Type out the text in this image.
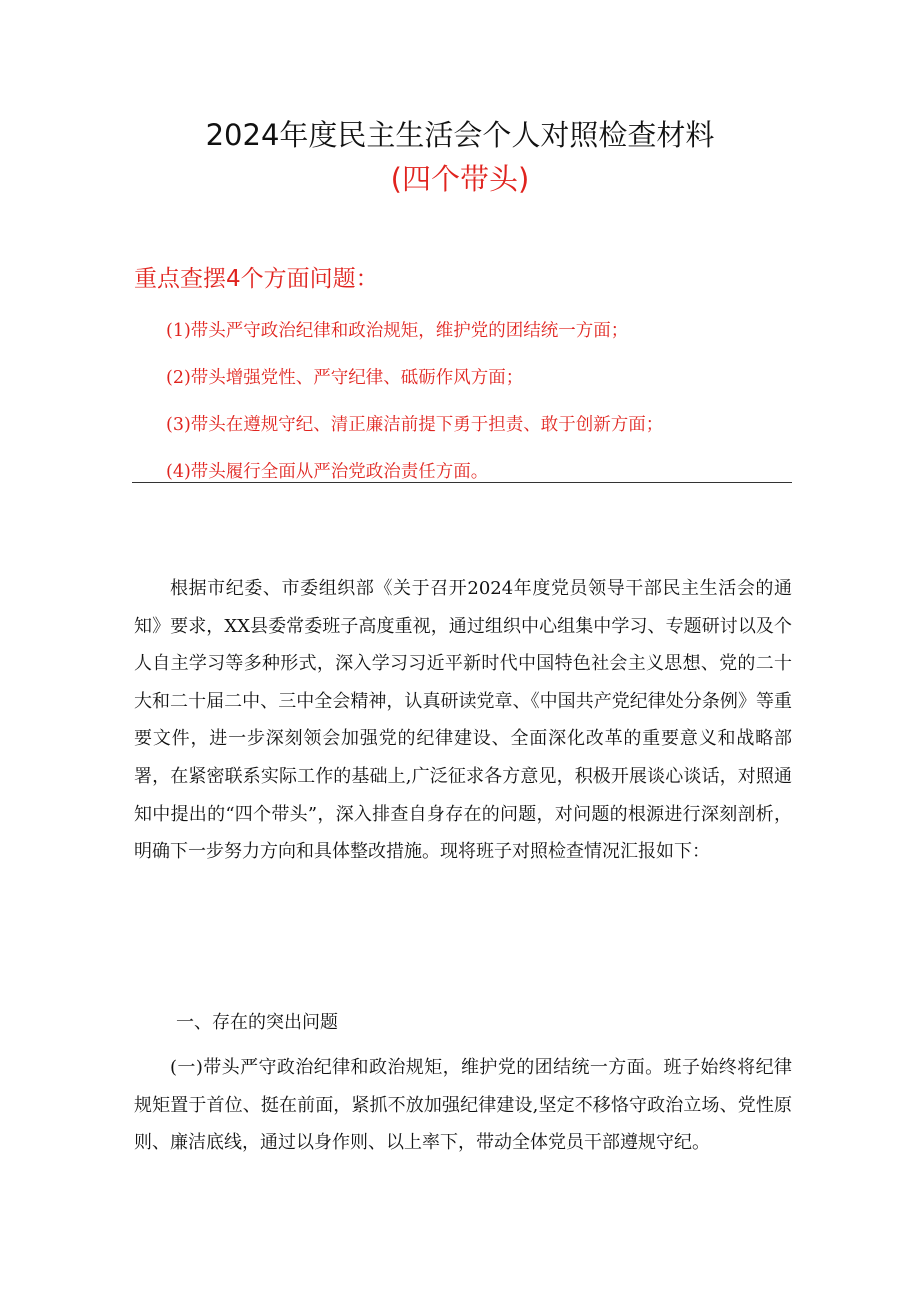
2024年度民主生活会个人对照检查材料
(四个带头)
重点查摆4个方面问题：
(1)带头严守政治纪律和政治规矩，维护党的团结统一方面；
(2)带头增强党性、严守纪律、砥砺作风方面；
(3)带头在遵规守纪、清正廉洁前提下勇于担责、敢于创新方面；
(4)带头履行全面从严治党政治责任方面。

根据市纪委、市委组织部《关于召开2024年度党员领导干部民主生活会的通知》要求，XX县委常委班子高度重视，通过组织中心组集中学习、专题研讨以及个人自主学习等多种形式，深入学习习近平新时代中国特色社会主义思想、党的二十大和二十届二中、三中全会精神，认真研读党章、《中国共产党纪律处分条例》等重要文件，进一步深刻领会加强党的纪律建设、全面深化改革的重要意义和战略部署，在紧密联系实际工作的基础上,广泛征求各方意见，积极开展谈心谈话，对照通知中提出的“四个带头”，深入排查自身存在的问题，对问题的根源进行深刻剖析，明确下一步努力方向和具体整改措施。现将班子对照检查情况汇报如下：

一、存在的突出问题

(一)带头严守政治纪律和政治规矩，维护党的团结统一方面。班子始终将纪律规矩置于首位、挺在前面，紧抓不放加强纪律建设,坚定不移恪守政治立场、党性原则、廉洁底线，通过以身作则、以上率下，带动全体党员干部遵规守纪。
